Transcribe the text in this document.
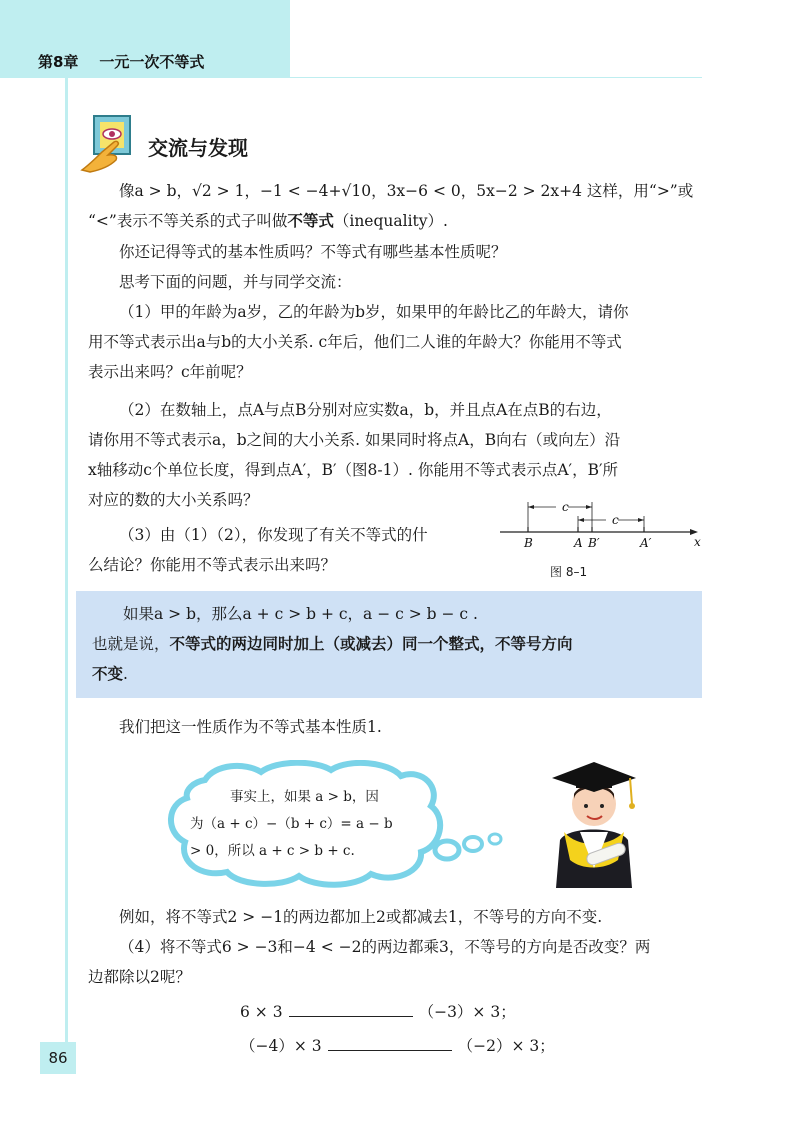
第8章 一元一次不等式
86
交流与发现

像a > b，√2 > 1，−1 < −4+√10，3x−6 < 0，5x−2 > 2x+4 这样，用“>”或
“<”表示不等关系的式子叫做不等式（inequality）.

你还记得等式的基本性质吗？不等式有哪些基本性质呢？

思考下面的问题，并与同学交流：

（1）甲的年龄为a岁，乙的年龄为b岁，如果甲的年龄比乙的年龄大，请你
用不等式表示出a与b的大小关系. c年后，他们二人谁的年龄大？你能用不等式
表示出来吗？c年前呢？

（2）在数轴上，点A与点B分别对应实数a，b，并且点A在点B的右边，
请你用不等式表示a，b之间的大小关系. 如果同时将点A，B向右（或向左）沿
x轴移动c个单位长度，得到点A′，B′（图8-1）. 你能用不等式表示点A′，B′所
对应的数的大小关系吗？

（3）由（1）（2），你发现了有关不等式的什
么结论？你能用不等式表示出来吗？

c
c
B	A B′	A′	x
图 8–1

如果a > b，那么a + c > b + c，a − c > b − c .
也就是说，不等式的两边同时加上（或减去）同一个整式，不等号方向
不变.

我们把这一性质作为不等式基本性质1.

事实上，如果 a > b，因
为（a + c）−（b + c）= a − b
> 0，所以 a + c > b + c.

例如，将不等式2 > −1的两边都加上2或都减去1，不等号的方向不变.

（4）将不等式6 > −3和−4 < −2的两边都乘3，不等号的方向是否改变？两
边都除以2呢？

6 × 3	（−3）× 3；
（−4）× 3	（−2）× 3；
